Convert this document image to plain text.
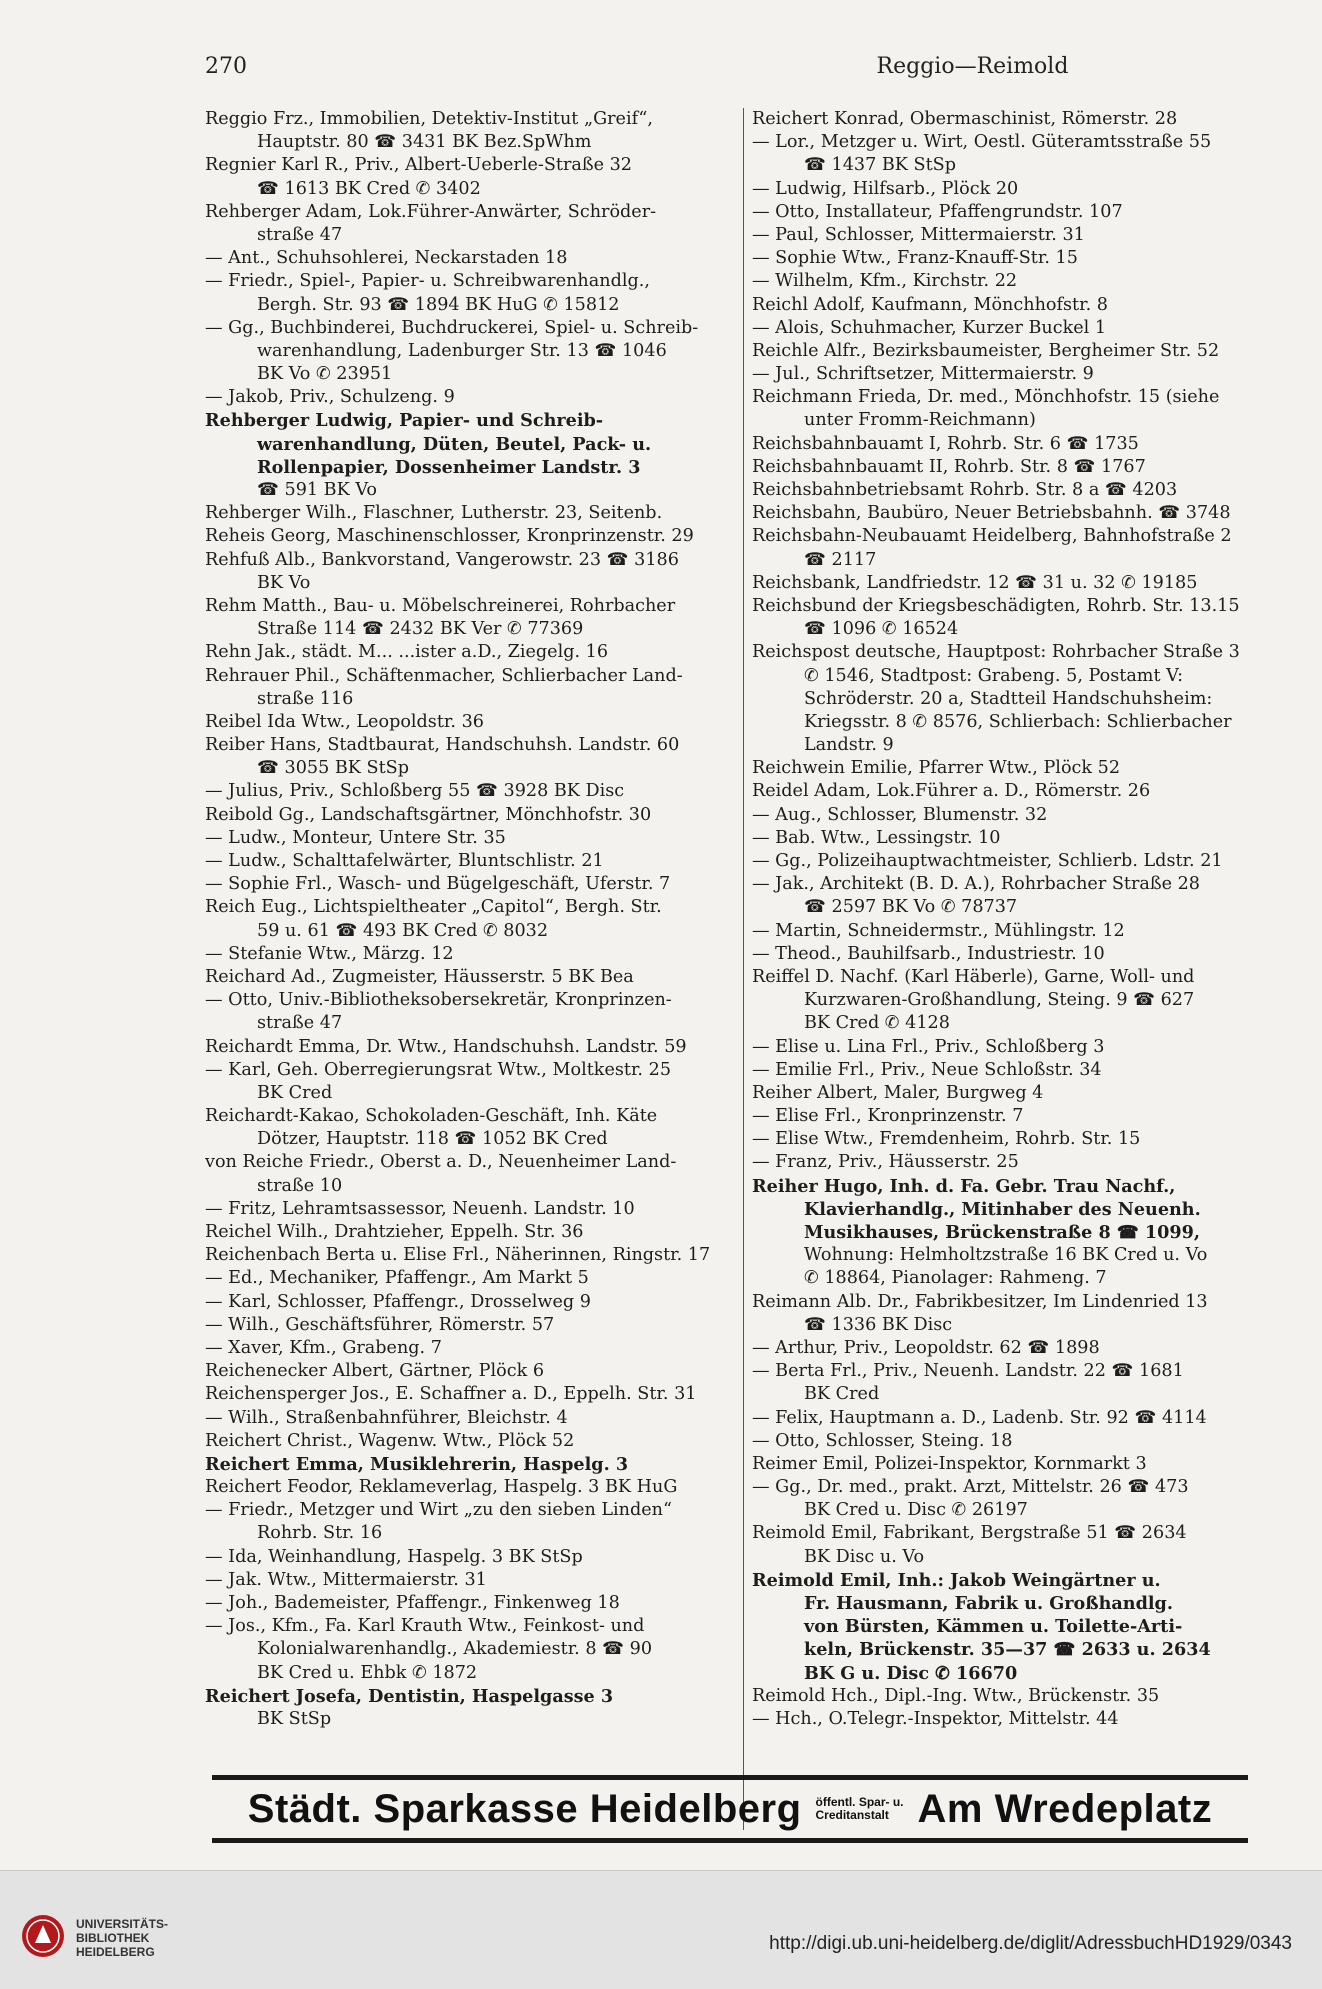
270	Reggio—Reimold
Reggio Frz., Immobilien, Detektiv-Institut „Greif“,
Hauptstr. 80 ☎ 3431 BK Bez.SpWhm
Regnier Karl R., Priv., Albert-Ueberle-Straße 32
☎ 1613 BK Cred ✆ 3402
Rehberger Adam, Lok.Führer-Anwärter, Schröder-
straße 47
— Ant., Schuhsohlerei, Neckarstaden 18
— Friedr., Spiel-, Papier- u. Schreibwarenhandlg.,
Bergh. Str. 93 ☎ 1894 BK HuG ✆ 15812
— Gg., Buchbinderei, Buchdruckerei, Spiel- u. Schreib-
warenhandlung, Ladenburger Str. 13 ☎ 1046
BK Vo ✆ 23951
— Jakob, Priv., Schulzeng. 9
Rehberger Ludwig, Papier- und Schreib-
warenhandlung, Düten, Beutel, Pack- u.
Rollenpapier, Dossenheimer Landstr. 3
☎ 591 BK Vo
Rehberger Wilh., Flaschner, Lutherstr. 23, Seitenb.
Reheis Georg, Maschinenschlosser, Kronprinzenstr. 29
Rehfuß Alb., Bankvorstand, Vangerowstr. 23 ☎ 3186
BK Vo
Rehm Matth., Bau- u. Möbelschreinerei, Rohrbacher
Straße 114 ☎ 2432 BK Ver ✆ 77369
Rehn Jak., städt. M... ...ister a.D., Ziegelg. 16
Rehrauer Phil., Schäftenmacher, Schlierbacher Land-
straße 116
Reibel Ida Wtw., Leopoldstr. 36
Reiber Hans, Stadtbaurat, Handschuhsh. Landstr. 60
☎ 3055 BK StSp
— Julius, Priv., Schloßberg 55 ☎ 3928 BK Disc
Reibold Gg., Landschaftsgärtner, Mönchhofstr. 30
— Ludw., Monteur, Untere Str. 35
— Ludw., Schalttafelwärter, Bluntschlistr. 21
— Sophie Frl., Wasch- und Bügelgeschäft, Uferstr. 7
Reich Eug., Lichtspieltheater „Capitol“, Bergh. Str.
59 u. 61 ☎ 493 BK Cred ✆ 8032
— Stefanie Wtw., Märzg. 12
Reichard Ad., Zugmeister, Häusserstr. 5 BK Bea
— Otto, Univ.-Bibliotheksobersekretär, Kronprinzen-
straße 47
Reichardt Emma, Dr. Wtw., Handschuhsh. Landstr. 59
— Karl, Geh. Oberregierungsrat Wtw., Moltkestr. 25
BK Cred
Reichardt-Kakao, Schokoladen-Geschäft, Inh. Käte
Dötzer, Hauptstr. 118 ☎ 1052 BK Cred
von Reiche Friedr., Oberst a. D., Neuenheimer Land-
straße 10
— Fritz, Lehramtsassessor, Neuenh. Landstr. 10
Reichel Wilh., Drahtzieher, Eppelh. Str. 36
Reichenbach Berta u. Elise Frl., Näherinnen, Ringstr. 17
— Ed., Mechaniker, Pfaffengr., Am Markt 5
— Karl, Schlosser, Pfaffengr., Drosselweg 9
— Wilh., Geschäftsführer, Römerstr. 57
— Xaver, Kfm., Grabeng. 7
Reichenecker Albert, Gärtner, Plöck 6
Reichensperger Jos., E. Schaffner a. D., Eppelh. Str. 31
— Wilh., Straßenbahnführer, Bleichstr. 4
Reichert Christ., Wagenw. Wtw., Plöck 52
Reichert Emma, Musiklehrerin, Haspelg. 3
Reichert Feodor, Reklameverlag, Haspelg. 3 BK HuG
— Friedr., Metzger und Wirt „zu den sieben Linden“
Rohrb. Str. 16
— Ida, Weinhandlung, Haspelg. 3 BK StSp
— Jak. Wtw., Mittermaierstr. 31
— Joh., Bademeister, Pfaffengr., Finkenweg 18
— Jos., Kfm., Fa. Karl Krauth Wtw., Feinkost- und
Kolonialwarenhandlg., Akademiestr. 8 ☎ 90
BK Cred u. Ehbk ✆ 1872
Reichert Josefa, Dentistin, Haspelgasse 3
BK StSp
Reichert Konrad, Obermaschinist, Römerstr. 28
— Lor., Metzger u. Wirt, Oestl. Güteramtsstraße 55
☎ 1437 BK StSp
— Ludwig, Hilfsarb., Plöck 20
— Otto, Installateur, Pfaffengrundstr. 107
— Paul, Schlosser, Mittermaierstr. 31
— Sophie Wtw., Franz-Knauff-Str. 15
— Wilhelm, Kfm., Kirchstr. 22
Reichl Adolf, Kaufmann, Mönchhofstr. 8
— Alois, Schuhmacher, Kurzer Buckel 1
Reichle Alfr., Bezirksbaumeister, Bergheimer Str. 52
— Jul., Schriftsetzer, Mittermaierstr. 9
Reichmann Frieda, Dr. med., Mönchhofstr. 15 (siehe
unter Fromm-Reichmann)
Reichsbahnbauamt I, Rohrb. Str. 6 ☎ 1735
Reichsbahnbauamt II, Rohrb. Str. 8 ☎ 1767
Reichsbahnbetriebsamt Rohrb. Str. 8 a ☎ 4203
Reichsbahn, Baubüro, Neuer Betriebsbahnh. ☎ 3748
Reichsbahn-Neubauamt Heidelberg, Bahnhofstraße 2
☎ 2117
Reichsbank, Landfriedstr. 12 ☎ 31 u. 32 ✆ 19185
Reichsbund der Kriegsbeschädigten, Rohrb. Str. 13.15
☎ 1096 ✆ 16524
Reichspost deutsche, Hauptpost: Rohrbacher Straße 3
✆ 1546, Stadtpost: Grabeng. 5, Postamt V:
Schröderstr. 20 a, Stadtteil Handschuhsheim:
Kriegsstr. 8 ✆ 8576, Schlierbach: Schlierbacher
Landstr. 9
Reichwein Emilie, Pfarrer Wtw., Plöck 52
Reidel Adam, Lok.Führer a. D., Römerstr. 26
— Aug., Schlosser, Blumenstr. 32
— Bab. Wtw., Lessingstr. 10
— Gg., Polizeihauptwachtmeister, Schlierb. Ldstr. 21
— Jak., Architekt (B. D. A.), Rohrbacher Straße 28
☎ 2597 BK Vo ✆ 78737
— Martin, Schneidermstr., Mühlingstr. 12
— Theod., Bauhilfsarb., Industriestr. 10
Reiffel D. Nachf. (Karl Häberle), Garne, Woll- und
Kurzwaren-Großhandlung, Steing. 9 ☎ 627
BK Cred ✆ 4128
— Elise u. Lina Frl., Priv., Schloßberg 3
— Emilie Frl., Priv., Neue Schloßstr. 34
Reiher Albert, Maler, Burgweg 4
— Elise Frl., Kronprinzenstr. 7
— Elise Wtw., Fremdenheim, Rohrb. Str. 15
— Franz, Priv., Häusserstr. 25
Reiher Hugo, Inh. d. Fa. Gebr. Trau Nachf.,
Klavierhandlg., Mitinhaber des Neuenh.
Musikhauses, Brückenstraße 8 ☎ 1099,
Wohnung: Helmholtzstraße 16 BK Cred u. Vo
✆ 18864, Pianolager: Rahmeng. 7
Reimann Alb. Dr., Fabrikbesitzer, Im Lindenried 13
☎ 1336 BK Disc
— Arthur, Priv., Leopoldstr. 62 ☎ 1898
— Berta Frl., Priv., Neuenh. Landstr. 22 ☎ 1681
BK Cred
— Felix, Hauptmann a. D., Ladenb. Str. 92 ☎ 4114
— Otto, Schlosser, Steing. 18
Reimer Emil, Polizei-Inspektor, Kornmarkt 3
— Gg., Dr. med., prakt. Arzt, Mittelstr. 26 ☎ 473
BK Cred u. Disc ✆ 26197
Reimold Emil, Fabrikant, Bergstraße 51 ☎ 2634
BK Disc u. Vo
Reimold Emil, Inh.: Jakob Weingärtner u.
Fr. Hausmann, Fabrik u. Großhandlg.
von Bürsten, Kämmen u. Toilette-Arti-
keln, Brückenstr. 35—37 ☎ 2633 u. 2634
BK G u. Disc ✆ 16670
Reimold Hch., Dipl.-Ing. Wtw., Brückenstr. 35
— Hch., O.Telegr.-Inspektor, Mittelstr. 44
Städt. Sparkasse Heidelberg öffentl. Spar- u.
Creditanstalt Am Wredeplatz
UNIVERSITÄTS-
BIBLIOTHEK
HEIDELBERG	http://digi.ub.uni-heidelberg.de/diglit/AdressbuchHD1929/0343
